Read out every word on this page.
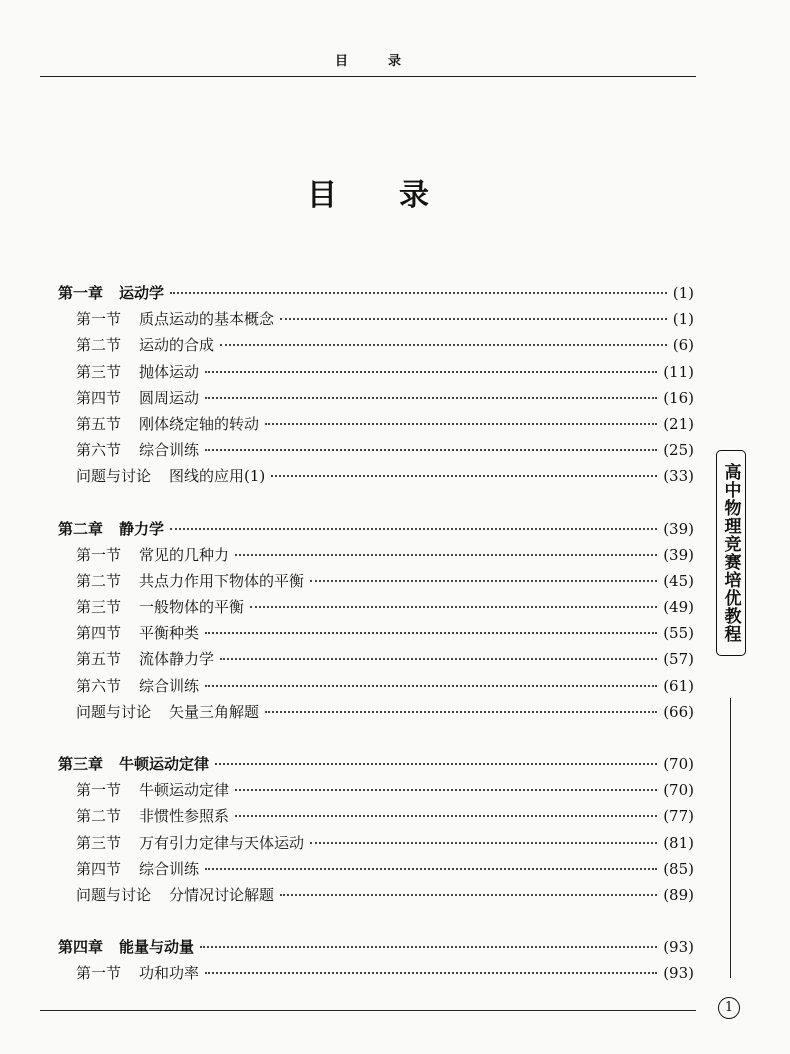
目录
目 录
第一章 运动学	(1)
第一节 质点运动的基本概念	(1)
第二节 运动的合成	(6)
第三节 抛体运动	(11)
第四节 圆周运动	(16)
第五节 刚体绕定轴的转动	(21)
第六节 综合训练	(25)
问题与讨论 图线的应用(1)	(33)
第二章 静力学	(39)
第一节 常见的几种力	(39)
第二节 共点力作用下物体的平衡	(45)
第三节 一般物体的平衡	(49)
第四节 平衡种类	(55)
第五节 流体静力学	(57)
第六节 综合训练	(61)
问题与讨论 矢量三角解题	(66)
第三章 牛顿运动定律	(70)
第一节 牛顿运动定律	(70)
第二节 非惯性参照系	(77)
第三节 万有引力定律与天体运动	(81)
第四节 综合训练	(85)
问题与讨论 分情况讨论解题	(89)
第四章 能量与动量	(93)
第一节 功和功率	(93)
高中物理竞赛培优教程
1
